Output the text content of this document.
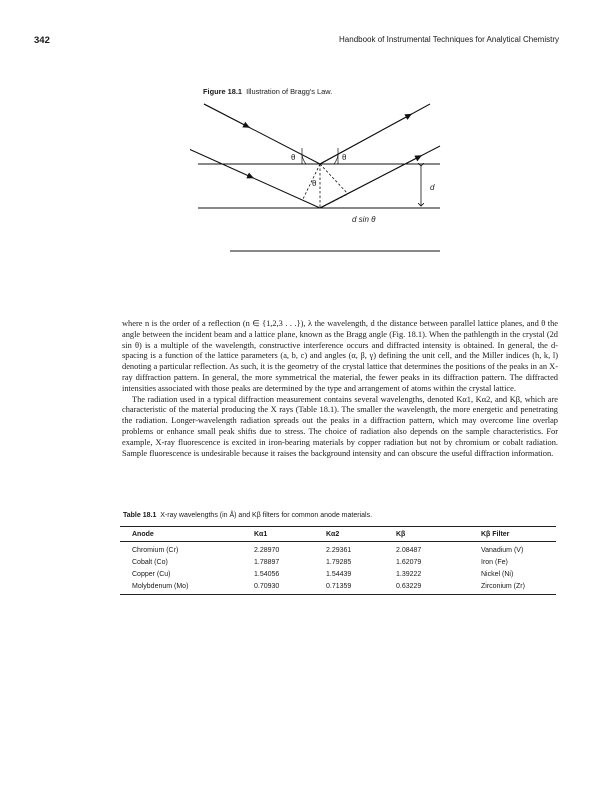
342	Handbook of Instrumental Techniques for Analytical Chemistry
Figure 18.1 Illustration of Bragg's Law.
θ	θ
θ	d
d sin θ

where n is the order of a reflection (n ∈ {1,2,3 . . .}), λ the wavelength, d the distance between parallel lattice planes, and θ the angle between the incident beam and a lattice plane, known as the Bragg angle (Fig. 18.1). When the pathlength in the crystal (2d sin θ) is a multiple of the wavelength, constructive interference occurs and diffracted intensity is obtained. In general, the d-spacing is a function of the lattice parameters (a, b, c) and angles (α, β, γ) defining the unit cell, and the Miller indices (h, k, l) denoting a particular reflection. As such, it is the geometry of the crystal lattice that determines the positions of the peaks in an X-ray diffraction pattern. In general, the more symmetrical the material, the fewer peaks in its diffraction pattern. The diffracted intensities associated with those peaks are determined by the type and arrangement of atoms within the crystal lattice.

The radiation used in a typical diffraction measurement contains several wavelengths, denoted Kα1, Kα2, and Kβ, which are characteristic of the material producing the X rays (Table 18.1). The smaller the wavelength, the more energetic and penetrating the radiation. Longer-wavelength radiation spreads out the peaks in a diffraction pattern, which may overcome line overlap problems or enhance small peak shifts due to stress. The choice of radiation also depends on the sample characteristics. For example, X-ray fluorescence is excited in iron-bearing materials by copper radiation but not by chromium or cobalt radiation. Sample fluorescence is undesirable because it raises the background intensity and can obscure the useful diffraction information.

Table 18.1 X-ray wavelengths (in Å) and Kβ filters for common anode materials.
Anode	Kα1	Kα2	Kβ	Kβ Filter
Chromium (Cr)	2.28970	2.29361	2.08487	Vanadium (V)
Cobalt (Co)	1.78897	1.79285	1.62079	Iron (Fe)
Copper (Cu)	1.54056	1.54439	1.39222	Nickel (Ni)
Molybdenum (Mo)	0.70930	0.71359	0.63229	Zirconium (Zr)
